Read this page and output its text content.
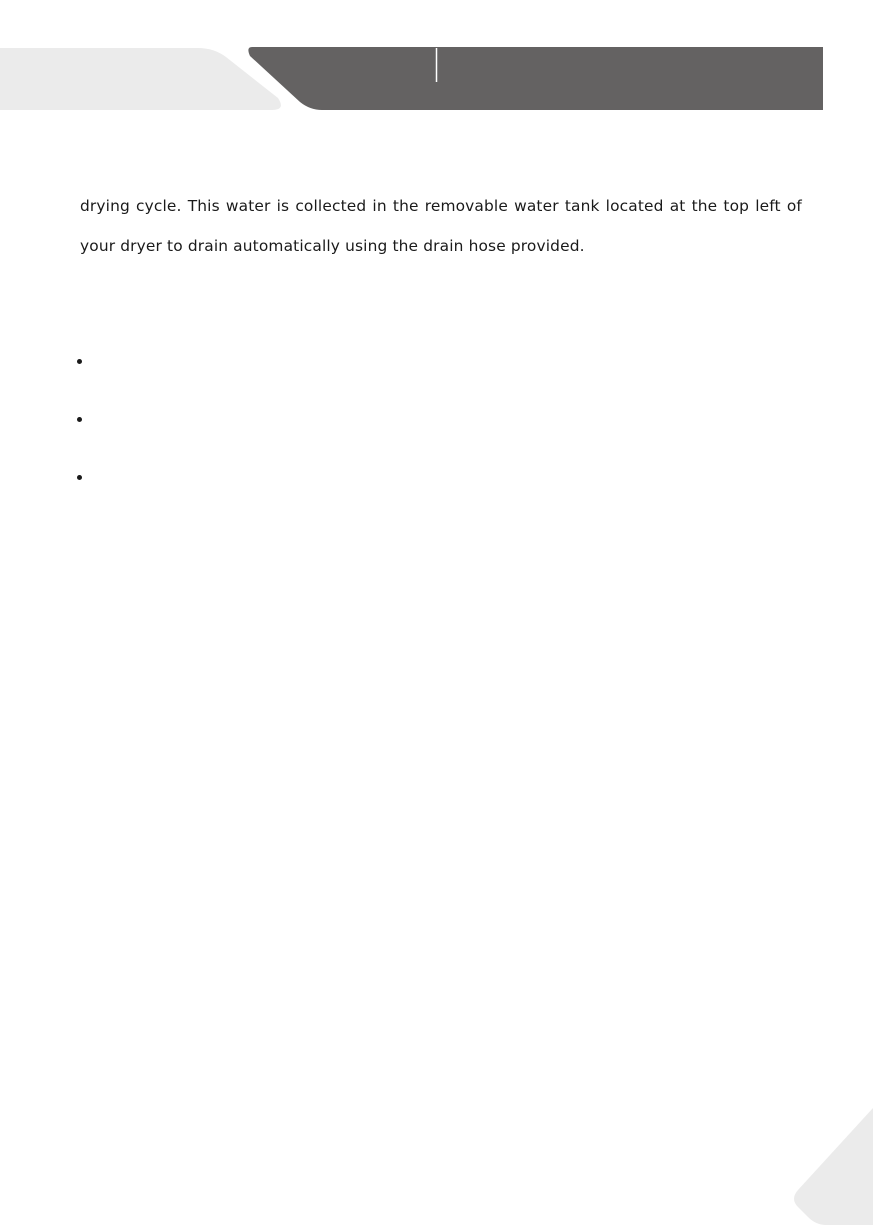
drying cycle. This water is collected in the removable water tank located at the top left of your dryer to drain automatically using the drain hose provided.
